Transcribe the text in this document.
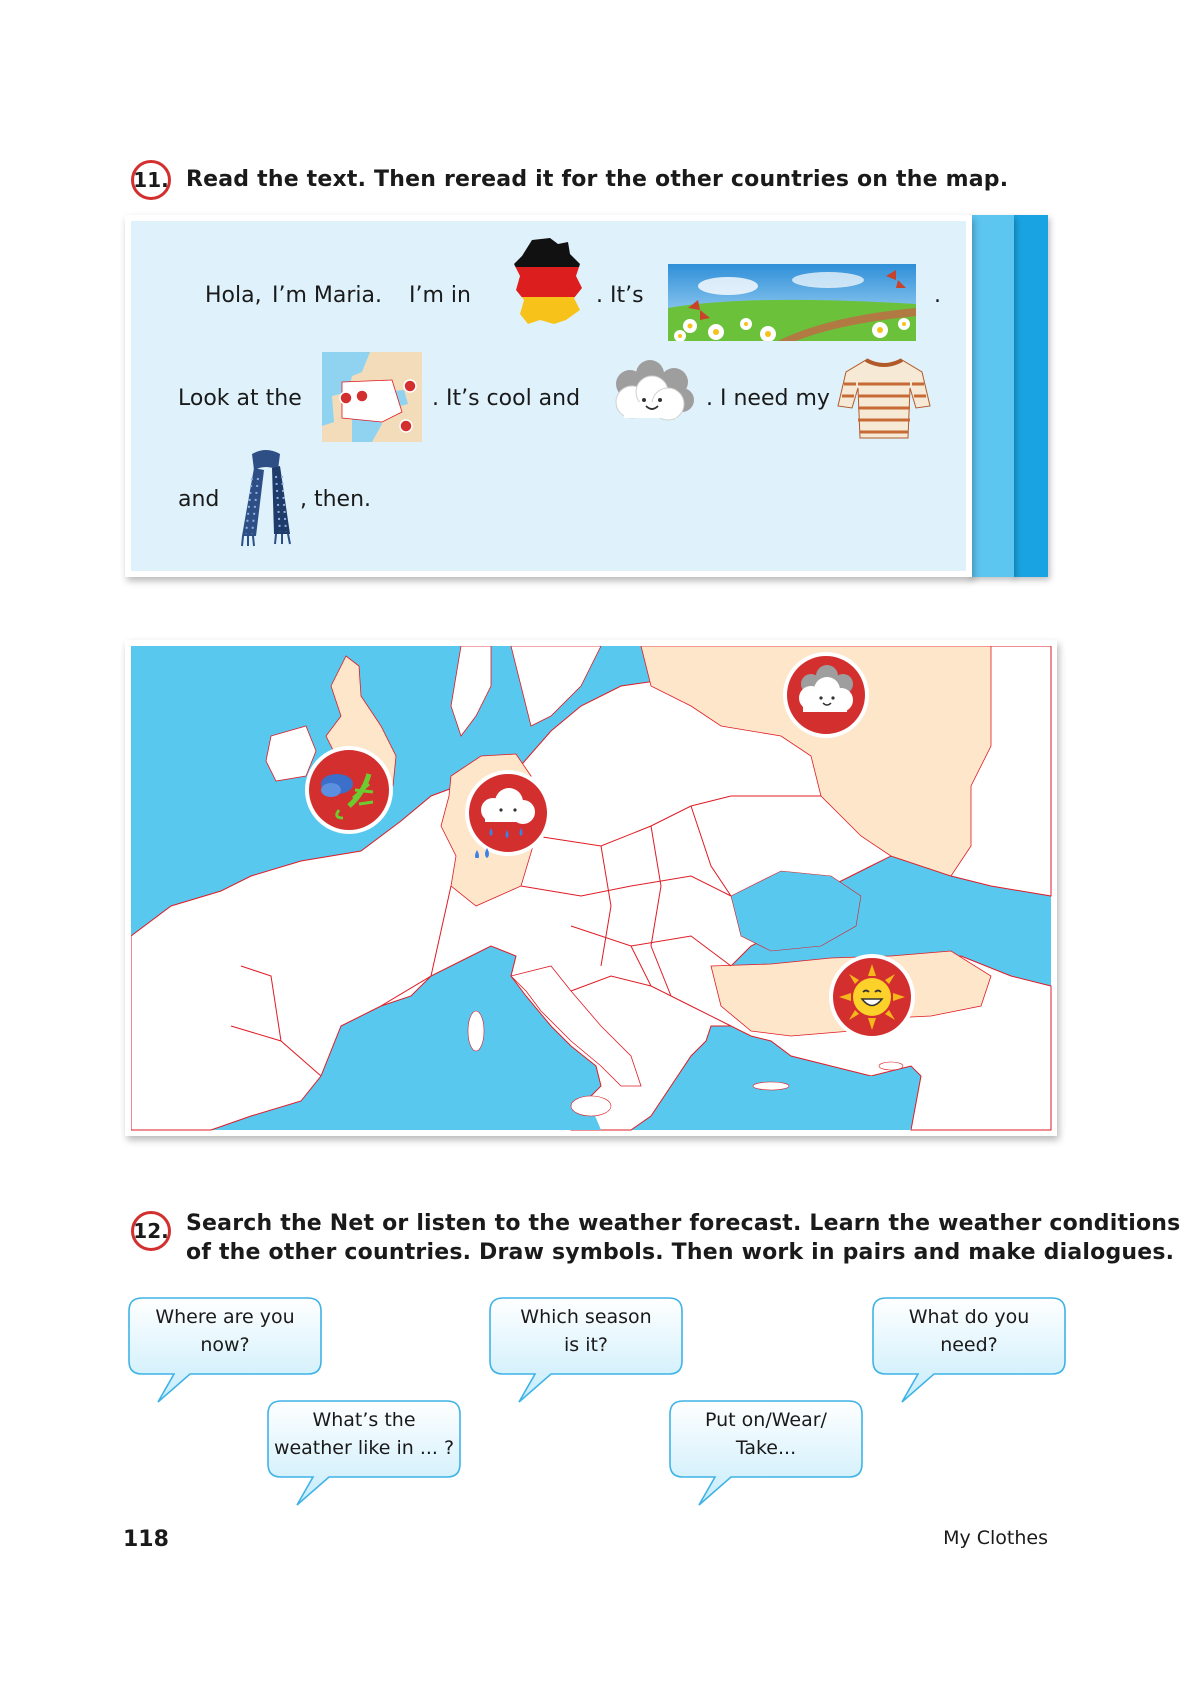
11. Read the text. Then reread it for the other countries on the map.
Hola, I’m Maria. I’m in	. It’s	.
Look at the	. It’s cool and	. I need my
and	, then.
12. Search the Net or listen to the weather forecast. Learn the weather conditions
of the other countries. Draw symbols. Then work in pairs and make dialogues.
Where are you
now?
Which season
is it?
What do you
need?
What’s the
weather like in ... ?
Put on/Wear/
Take...
118	My Clothes
